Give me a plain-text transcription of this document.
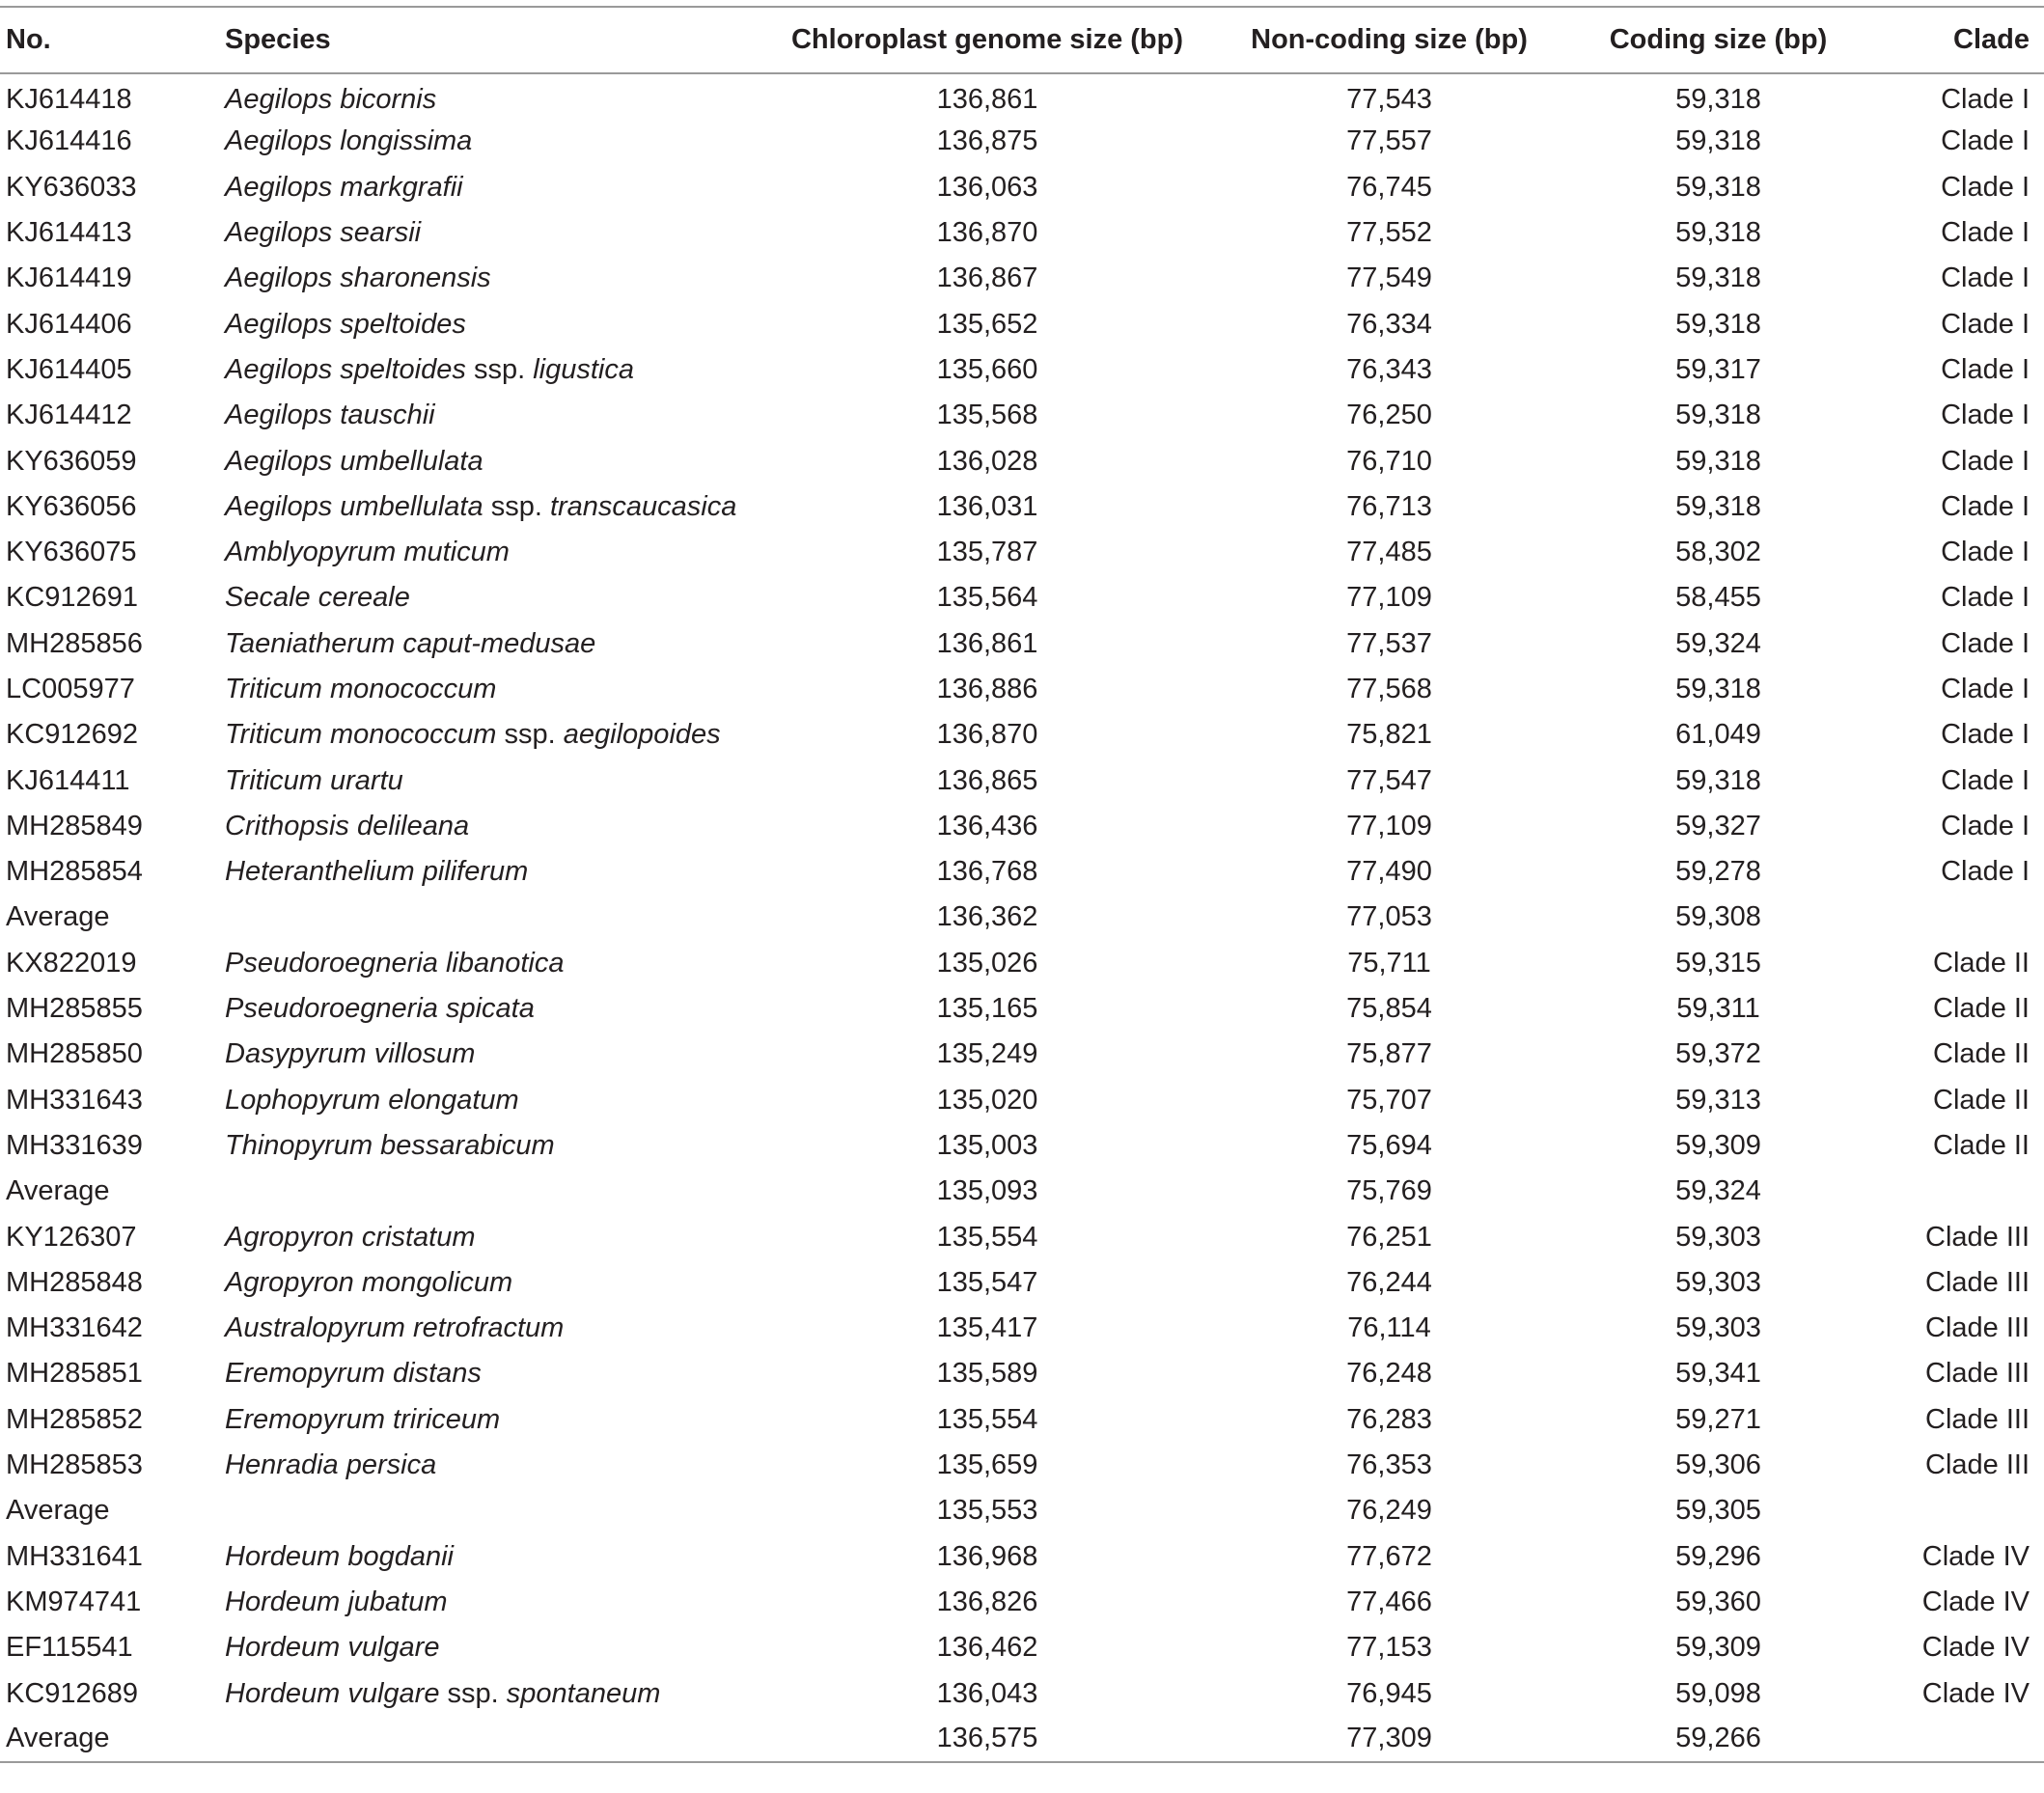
No.	Species	Chloroplast genome size (bp)	Non-coding size (bp)	Coding size (bp)	Clade
KJ614418	Aegilops bicornis	136,861	77,543	59,318	Clade I
KJ614416	Aegilops longissima	136,875	77,557	59,318	Clade I
KY636033	Aegilops markgrafii	136,063	76,745	59,318	Clade I
KJ614413	Aegilops searsii	136,870	77,552	59,318	Clade I
KJ614419	Aegilops sharonensis	136,867	77,549	59,318	Clade I
KJ614406	Aegilops speltoides	135,652	76,334	59,318	Clade I
KJ614405	Aegilops speltoides ssp. ligustica	135,660	76,343	59,317	Clade I
KJ614412	Aegilops tauschii	135,568	76,250	59,318	Clade I
KY636059	Aegilops umbellulata	136,028	76,710	59,318	Clade I
KY636056	Aegilops umbellulata ssp. transcaucasica	136,031	76,713	59,318	Clade I
KY636075	Amblyopyrum muticum	135,787	77,485	58,302	Clade I
KC912691	Secale cereale	135,564	77,109	58,455	Clade I
MH285856	Taeniatherum caput-medusae	136,861	77,537	59,324	Clade I
LC005977	Triticum monococcum	136,886	77,568	59,318	Clade I
KC912692	Triticum monococcum ssp. aegilopoides	136,870	75,821	61,049	Clade I
KJ614411	Triticum urartu	136,865	77,547	59,318	Clade I
MH285849	Crithopsis delileana	136,436	77,109	59,327	Clade I
MH285854	Heteranthelium piliferum	136,768	77,490	59,278	Clade I
Average		136,362	77,053	59,308	
KX822019	Pseudoroegneria libanotica	135,026	75,711	59,315	Clade II
MH285855	Pseudoroegneria spicata	135,165	75,854	59,311	Clade II
MH285850	Dasypyrum villosum	135,249	75,877	59,372	Clade II
MH331643	Lophopyrum elongatum	135,020	75,707	59,313	Clade II
MH331639	Thinopyrum bessarabicum	135,003	75,694	59,309	Clade II
Average		135,093	75,769	59,324	
KY126307	Agropyron cristatum	135,554	76,251	59,303	Clade III
MH285848	Agropyron mongolicum	135,547	76,244	59,303	Clade III
MH331642	Australopyrum retrofractum	135,417	76,114	59,303	Clade III
MH285851	Eremopyrum distans	135,589	76,248	59,341	Clade III
MH285852	Eremopyrum tririceum	135,554	76,283	59,271	Clade III
MH285853	Henradia persica	135,659	76,353	59,306	Clade III
Average		135,553	76,249	59,305	
MH331641	Hordeum bogdanii	136,968	77,672	59,296	Clade IV
KM974741	Hordeum jubatum	136,826	77,466	59,360	Clade IV
EF115541	Hordeum vulgare	136,462	77,153	59,309	Clade IV
KC912689	Hordeum vulgare ssp. spontaneum	136,043	76,945	59,098	Clade IV
Average		136,575	77,309	59,266	
